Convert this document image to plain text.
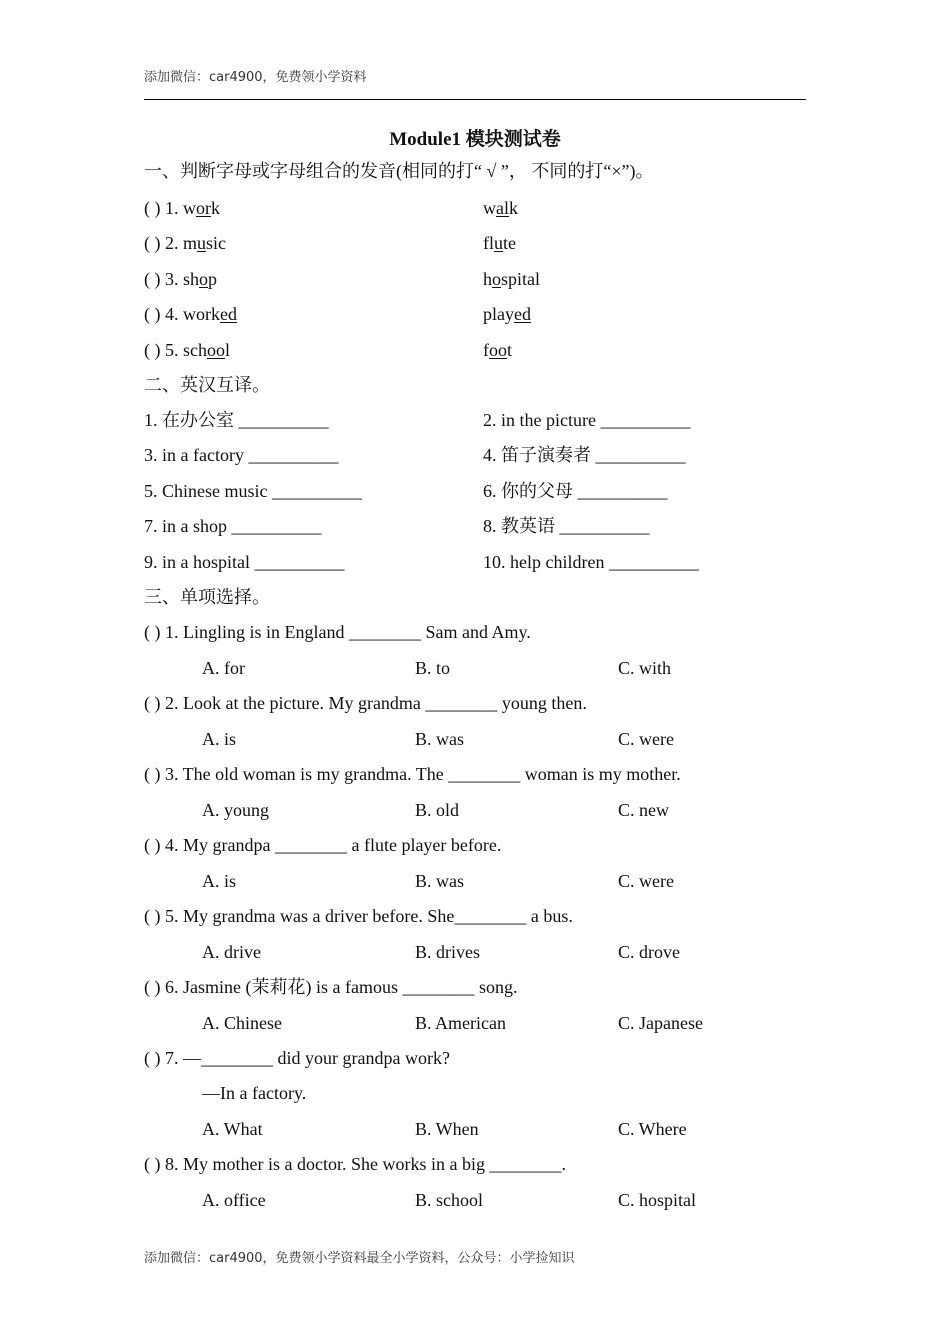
添加微信：car4900，免费领小学资料
Module1 模块测试卷
一、判断字母或字母组合的发音(相同的打“ √ ”， 不同的打“×”)。
( ) 1. work	walk
( ) 2. music	flute
( ) 3. shop	hospital
( ) 4. worked	played
( ) 5. school	foot
二、英汉互译。
1. 在办公室 __________	2. in the picture __________
3. in a factory __________	4. 笛子演奏者 __________
5. Chinese music __________	6. 你的父母 __________
7. in a shop __________	8. 教英语 __________
9. in a hospital __________	10. help children __________
三、单项选择。
( ) 1. Lingling is in England ________ Sam and Amy.
A. for	B. to	C. with
( ) 2. Look at the picture. My grandma ________ young then.
A. is	B. was	C. were
( ) 3. The old woman is my grandma. The ________ woman is my mother.
A. young	B. old	C. new
( ) 4. My grandpa ________ a flute player before.
A. is	B. was	C. were
( ) 5. My grandma was a driver before. She________ a bus.
A. drive	B. drives	C. drove
( ) 6. Jasmine (茉莉花) is a famous ________ song.
A. Chinese	B. American	C. Japanese
( ) 7. —________ did your grandpa work?
—In a factory.
A. What	B. When	C. Where
( ) 8. My mother is a doctor. She works in a big ________.
A. office	B. school	C. hospital
添加微信：car4900，免费领小学资料最全小学资料，公众号：小学捡知识
